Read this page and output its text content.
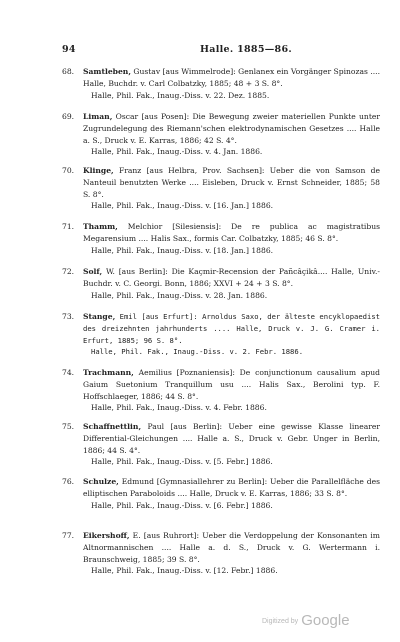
94	Halle. 1885—86.
68.	Samtleben, Gustav [aus Wimmelrode]: Genlanex ein Vorgänger Spinozas .... Halle, Buchdr. v. Carl Colbatzky, 1885; 48 + 3 S. 8°.
Halle, Phil. Fak., Inaug.-Diss. v. 22. Dez. 1885.
69.	Liman, Oscar [aus Posen]: Die Bewegung zweier materiellen Punkte unter Zugrundelegung des Riemann'schen elektrodynamischen Gesetzes .... Halle a. S., Druck v. E. Karras, 1886; 42 S. 4°.
Halle, Phil. Fak., Inaug.-Diss. v. 4. Jan. 1886.
70.	Klinge, Franz [aus Helbra, Prov. Sachsen]: Ueber die von Samson de Nanteuil benutzten Werke .... Eisleben, Druck v. Ernst Schneider, 1885; 58 S. 8°.
Halle, Phil. Fak., Inaug.-Diss. v. [16. Jan.] 1886.
71.	Thamm, Melchior [Silesiensis]: De re publica ac magistratibus Megarensium .... Halis Sax., formis Car. Colbatzky, 1885; 46 S. 8°.
Halle, Phil. Fak., Inaug.-Diss. v. [18. Jan.] 1886.
72.	Solf, W. [aus Berlin]: Die Kaçmir-Recension der Pañcâçikâ.... Halle, Univ.-Buchdr. v. C. Georgi. Bonn, 1886; XXVI + 24 + 3 S. 8°.
Halle, Phil. Fak., Inaug.-Diss. v. 28. Jan. 1886.
73.	Stange, Emil [aus Erfurt]: Arnoldus Saxo, der älteste encyklopaedist des dreizehnten jahrhunderts .... Halle, Druck v. J. G. Cramer i. Erfurt, 1885; 96 S. 8°.
Halle, Phil. Fak., Inaug.-Diss. v. 2. Febr. 1886.
74.	Trachmann, Aemilius [Poznaniensis]: De conjunctionum causalium apud Gaium Suetonium Tranquillum usu .... Halis Sax., Berolini typ. F. Hoffschlaeger, 1886; 44 S. 8°.
Halle, Phil. Fak., Inaug.-Diss. v. 4. Febr. 1886.
75.	Schaffnettlin, Paul [aus Berlin]: Ueber eine gewisse Klasse linearer Differential-Gleichungen .... Halle a. S., Druck v. Gebr. Unger in Berlin, 1886; 44 S. 4°.
Halle, Phil. Fak., Inaug.-Diss. v. [5. Febr.] 1886.
76.	Schulze, Edmund [Gymnasiallehrer zu Berlin]: Ueber die Parallelfläche des elliptischen Paraboloids .... Halle, Druck v. E. Karras, 1886; 33 S. 8°.
Halle, Phil. Fak., Inaug.-Diss. v. [6. Febr.] 1886.
77.	Eikershoff, E. [aus Ruhrort]: Ueber die Verdoppelung der Konsonanten im Altnormannischen .... Halle a. d. S., Druck v. G. Wertermann i. Braunschweig, 1885; 39 S. 8°.
Halle, Phil. Fak., Inaug.-Diss. v. [12. Febr.] 1886.
Digitized by Google
